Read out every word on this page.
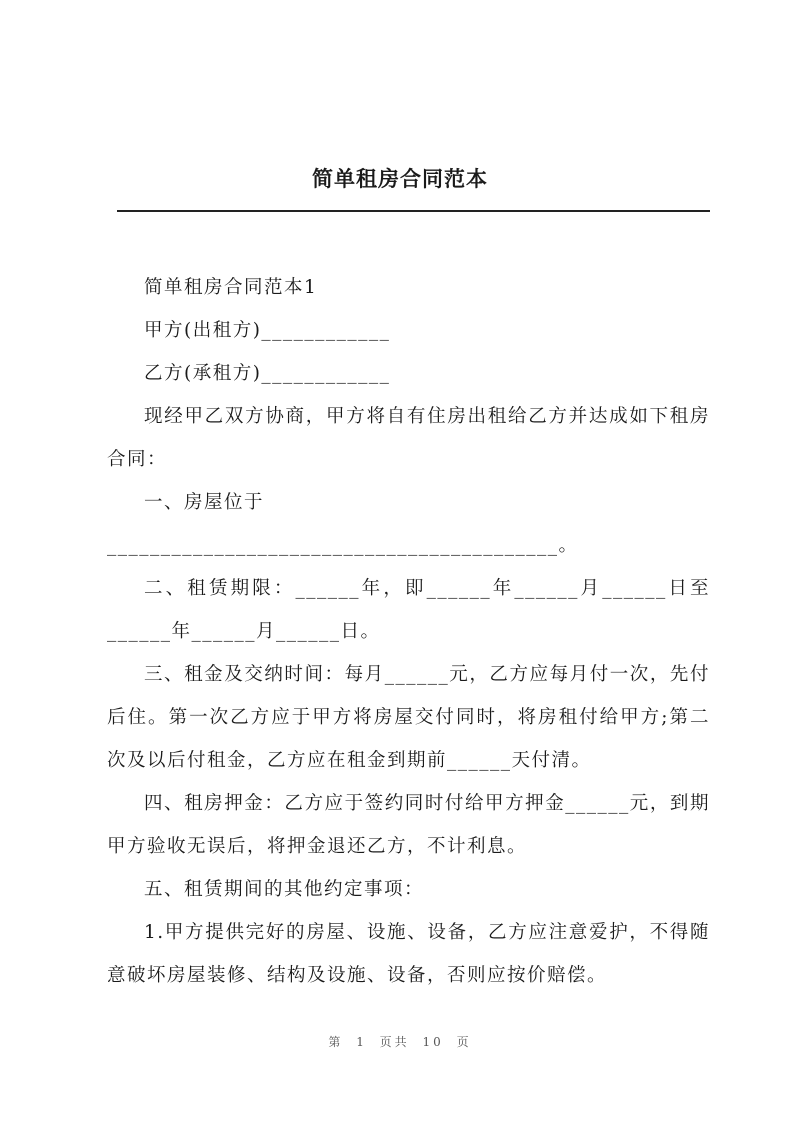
简单租房合同范本

简单租房合同范本1

甲方(出租方)____________

乙方(承租方)____________

现经甲乙双方协商，甲方将自有住房出租给乙方并达成如下租房合同：

一、房屋位于

__________________________________________。

二、租赁期限：______年，即______年______月______日至______年______月______日。

三、租金及交纳时间：每月______元，乙方应每月付一次，先付后住。第一次乙方应于甲方将房屋交付同时，将房租付给甲方;第二次及以后付租金，乙方应在租金到期前______天付清。

四、租房押金：乙方应于签约同时付给甲方押金______元，到期甲方验收无误后，将押金退还乙方，不计利息。

五、租赁期间的其他约定事项：

1.甲方提供完好的房屋、设施、设备，乙方应注意爱护，不得随意破坏房屋装修、结构及设施、设备，否则应按价赔偿。

第 1 页共 10 页
